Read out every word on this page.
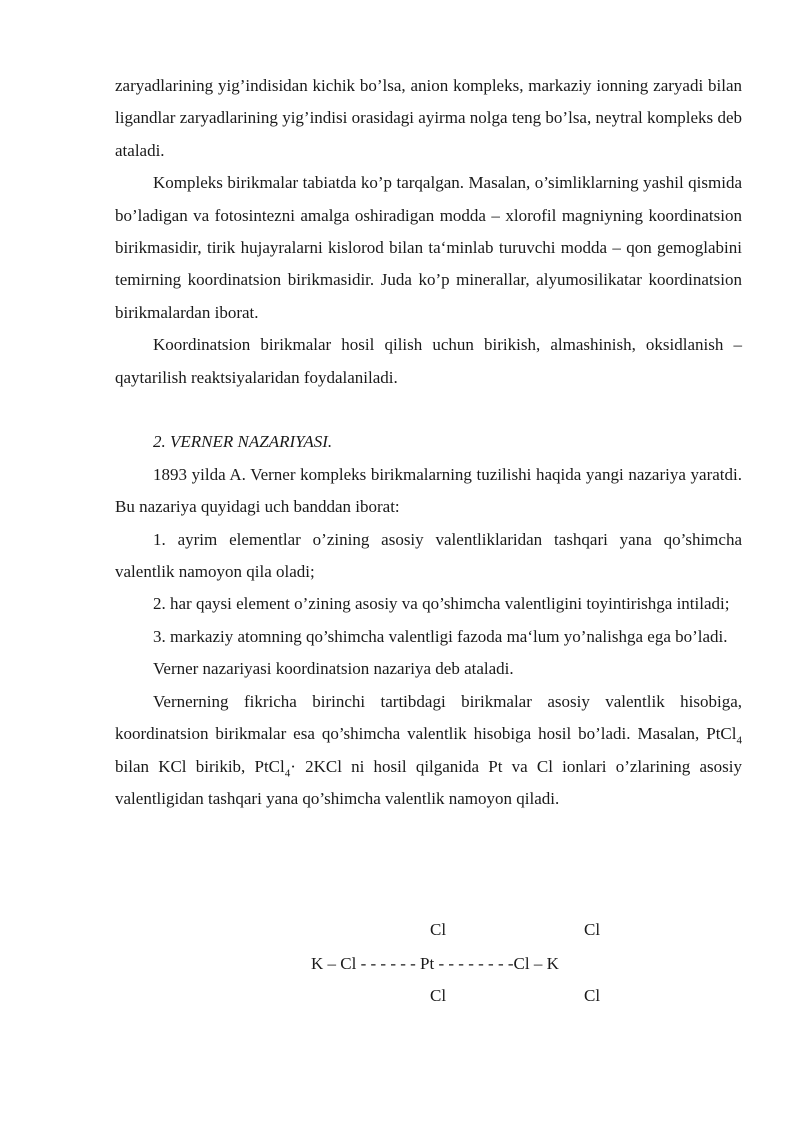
zaryadlarining yig’indisidan kichik bo’lsa, anion kompleks, markaziy ionning zaryadi bilan ligandlar zaryadlarining yig’indisi orasidagi ayirma nolga teng bo’lsa, neytral kompleks deb ataladi.

Kompleks birikmalar tabiatda ko’p tarqalgan. Masalan, o’simliklarning yashil qismida bo’ladigan va fotosintezni amalga oshiradigan modda – xlorofil magniyning koordinatsion birikmasidir, tirik hujayralarni kislorod bilan ta‘minlab turuvchi modda – qon gemoglabini temirning koordinatsion birikmasidir. Juda ko’p minerallar, alyumosilikatar koordinatsion birikmalardan iborat.

Koordinatsion birikmalar hosil qilish uchun birikish, almashinish, oksidlanish – qaytarilish reaktsiyalaridan foydalaniladi.

2. VERNER NAZARIYASI.

1893 yilda A. Verner kompleks birikmalarning tuzilishi haqida yangi nazariya yaratdi. Bu nazariya quyidagi uch banddan iborat:

1. ayrim elementlar o’zining asosiy valentliklaridan tashqari yana qo’shimcha valentlik namoyon qila oladi;

2. har qaysi element o’zining asosiy va qo’shimcha valentligini toyintirishga intiladi;

3. markaziy atomning qo’shimcha valentligi fazoda ma‘lum yo’nalishga ega bo’ladi.

Verner nazariyasi koordinatsion nazariya deb ataladi.

Vernerning fikricha birinchi tartibdagi birikmalar asosiy valentlik hisobiga, koordinatsion birikmalar esa qo’shimcha valentlik hisobiga hosil bo’ladi. Masalan, PtCl$_4$ bilan KCl birikib, PtCl$_4$· 2KCl ni hosil qilganida Pt va Cl ionlari o’zlarining asosiy valentligidan tashqari yana qo’shimcha valentlik namoyon qiladi.

Cl	Cl
K – Cl - - - - - - Pt - - - - - - - -Cl – K
Cl	Cl
